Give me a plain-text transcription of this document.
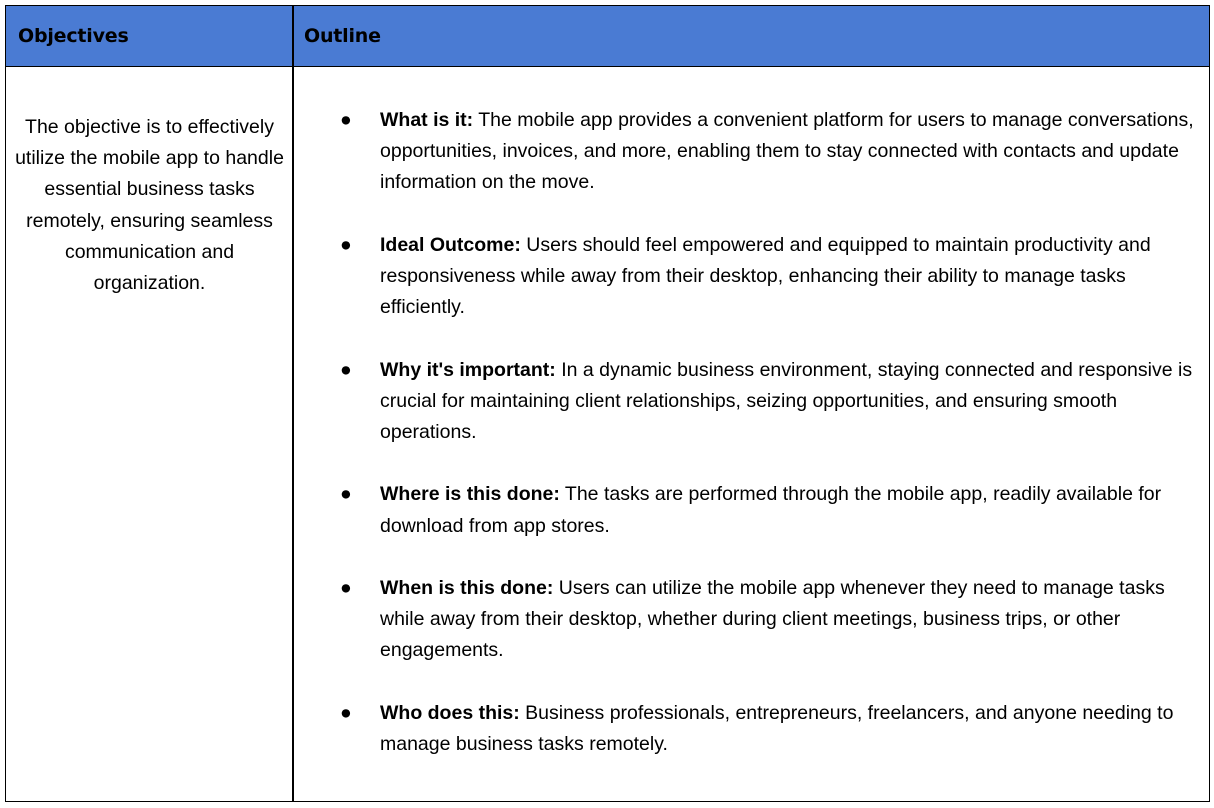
Objectives	Outline
The objective is to effectively utilize the mobile app to handle essential business tasks remotely, ensuring seamless communication and organization.
●	What is it: The mobile app provides a convenient platform for users to manage conversations, opportunities, invoices, and more, enabling them to stay connected with contacts and update information on the move.
●	Ideal Outcome: Users should feel empowered and equipped to maintain productivity and responsiveness while away from their desktop, enhancing their ability to manage tasks efficiently.
●	Why it's important: In a dynamic business environment, staying connected and responsive is crucial for maintaining client relationships, seizing opportunities, and ensuring smooth operations.
●	Where is this done: The tasks are performed through the mobile app, readily available for download from app stores.
●	When is this done: Users can utilize the mobile app whenever they need to manage tasks while away from their desktop, whether during client meetings, business trips, or other engagements.
●	Who does this: Business professionals, entrepreneurs, freelancers, and anyone needing to manage business tasks remotely.
